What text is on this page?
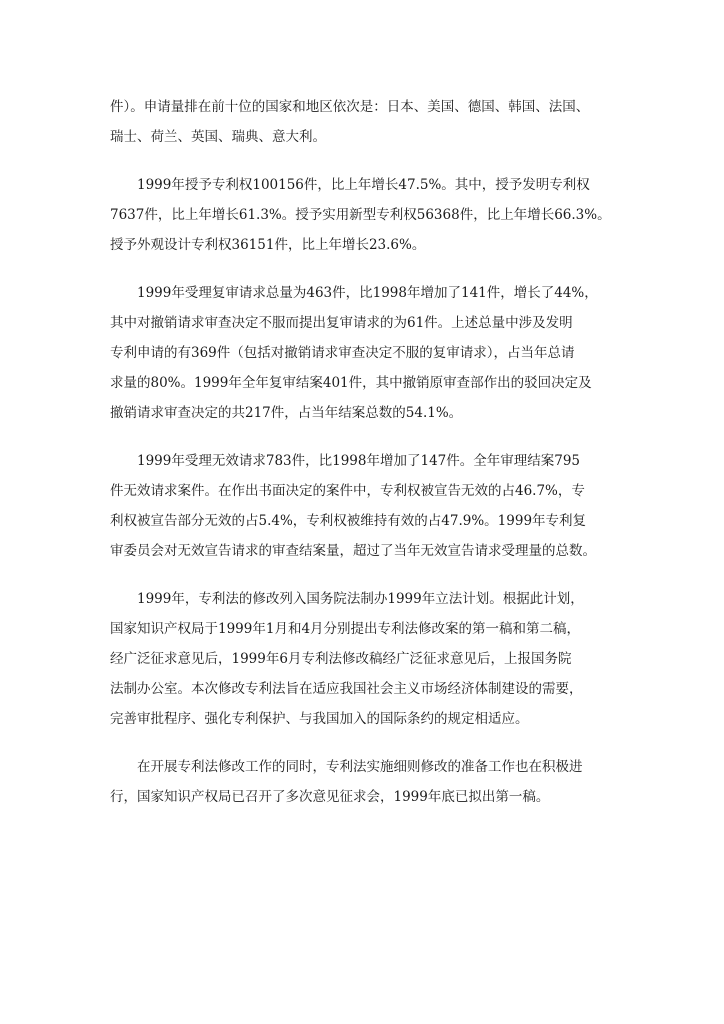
件）。申请量排在前十位的国家和地区依次是：日本、美国、德国、韩国、法国、
瑞士、荷兰、英国、瑞典、意大利。

1999年授予专利权100156件，比上年增长47.5%。其中，授予发明专利权
7637件，比上年增长61.3%。授予实用新型专利权56368件，比上年增长66.3%。
授予外观设计专利权36151件，比上年增长23.6%。

1999年受理复审请求总量为463件，比1998年增加了141件，增长了44%，
其中对撤销请求审查决定不服而提出复审请求的为61件。上述总量中涉及发明
专利申请的有369件（包括对撤销请求审查决定不服的复审请求），占当年总请
求量的80%。1999年全年复审结案401件，其中撤销原审查部作出的驳回决定及
撤销请求审查决定的共217件，占当年结案总数的54.1%。

1999年受理无效请求783件，比1998年增加了147件。全年审理结案795
件无效请求案件。在作出书面决定的案件中，专利权被宣告无效的占46.7%，专
利权被宣告部分无效的占5.4%，专利权被维持有效的占47.9%。1999年专利复
审委员会对无效宣告请求的审查结案量，超过了当年无效宣告请求受理量的总数。

1999年，专利法的修改列入国务院法制办1999年立法计划。根据此计划，
国家知识产权局于1999年1月和4月分别提出专利法修改案的第一稿和第二稿，
经广泛征求意见后，1999年6月专利法修改稿经广泛征求意见后，上报国务院
法制办公室。本次修改专利法旨在适应我国社会主义市场经济体制建设的需要，
完善审批程序、强化专利保护、与我国加入的国际条约的规定相适应。

在开展专利法修改工作的同时，专利法实施细则修改的准备工作也在积极进
行，国家知识产权局已召开了多次意见征求会，1999年底已拟出第一稿。
